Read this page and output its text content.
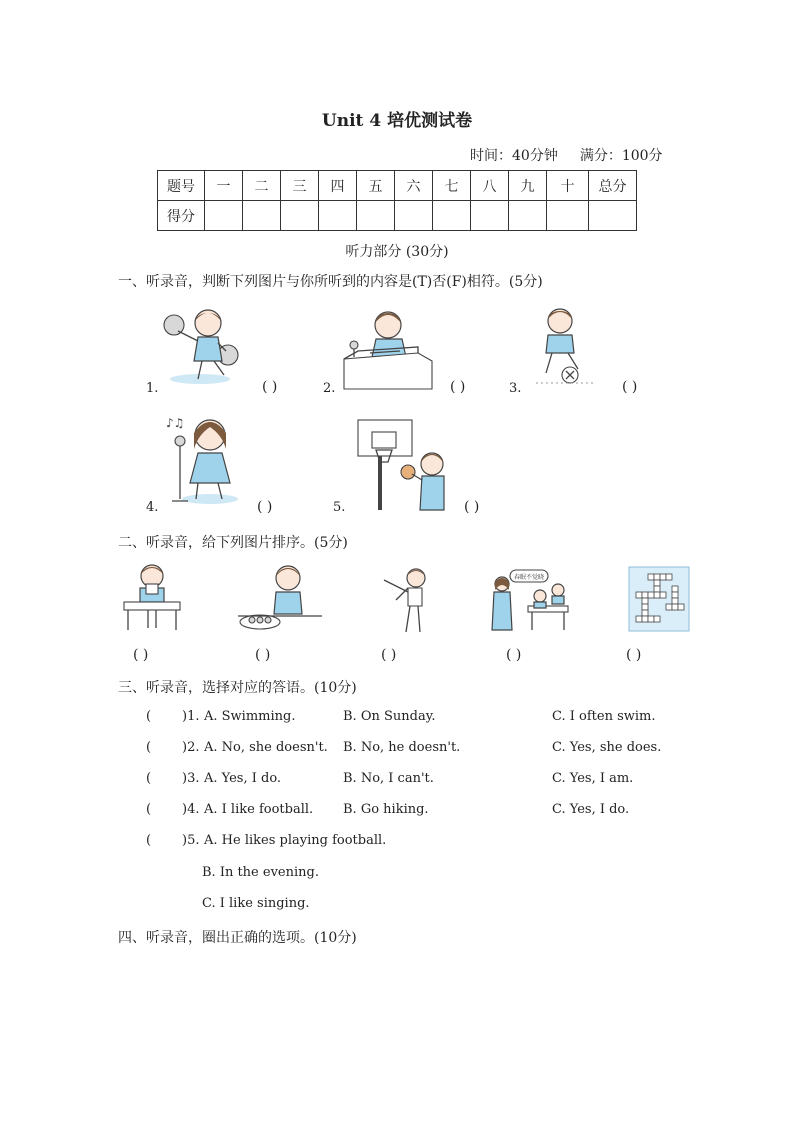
Unit 4 培优测试卷
时间：40分钟 满分：100分
题号	一	二	三	四	五	六	七	八	九	十	总分
得分											
听力部分 (30分)
一、听录音，判断下列图片与你所听到的内容是(T)否(F)相符。(5分)
1.	( )	2.	( )	3.	( )
♪♫
4.	( )	5.	( )
二、听录音，给下列图片排序。(5分)
( )	( )	( )
春眠不觉晓
( )	( )
三、听录音，选择对应的答语。(10分)
( )1. A. Swimming.	B. On Sunday.	C. I often swim.
( )2. A. No, she doesn't. B. No, he doesn't.	C. Yes, she does.
( )3. A. Yes, I do.	B. No, I can't.	C. Yes, I am.
( )4. A. I like football. B. Go hiking.	C. Yes, I do.
( )5. A. He likes playing football.
B. In the evening.
C. I like singing.
四、听录音，圈出正确的选项。(10分)
